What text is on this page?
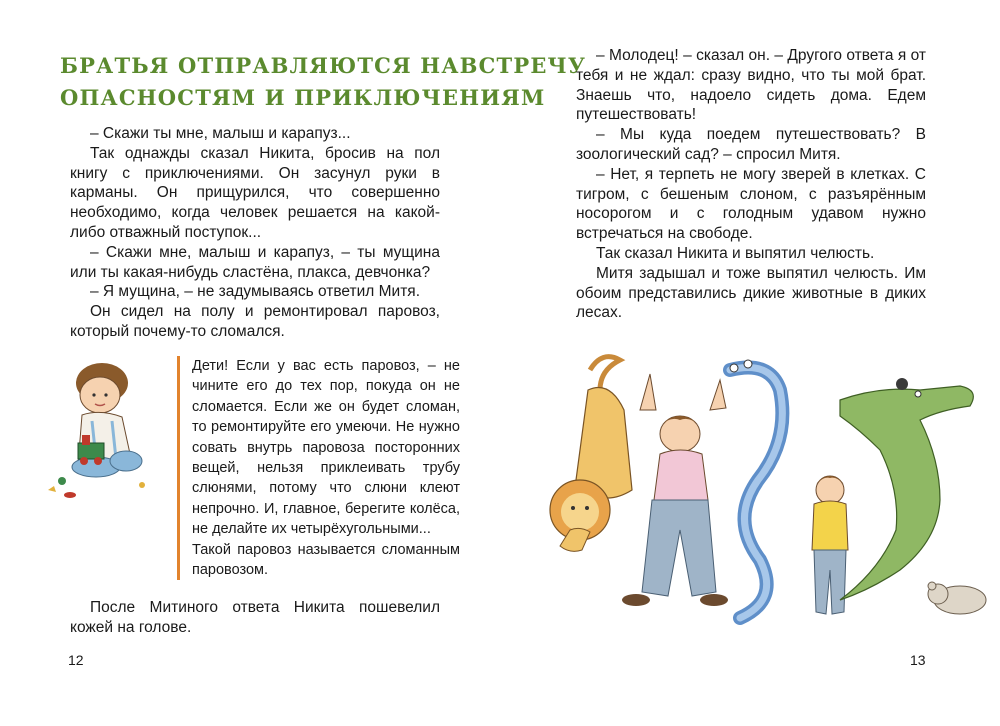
БРАТЬЯ ОТПРАВЛЯЮТСЯ НАВСТРЕЧУ
ОПАСНОСТЯМ И ПРИКЛЮЧЕНИЯМ

– Скажи ты мне, малыш и карапуз...

Так однажды сказал Никита, бросив на пол книгу с приключениями. Он засунул руки в карманы. Он прищурился, что совершенно необходимо, когда человек решается на какой-либо отважный поступок...

– Скажи мне, малыш и карапуз, – ты мущина или ты какая-нибудь сластёна, плакса, девчонка?

– Я мущина, – не задумываясь ответил Митя.

Он сидел на полу и ремонтировал паровоз, который почему-то сломался.

Дети! Если у вас есть паровоз, – не чините его до тех пор, покуда он не сломается. Если же он будет сломан, то ремонтируйте его умеючи. Не нужно совать внутрь паровоза посторонних вещей, нельзя приклеивать трубу слюнями, потому что слюни клеют непрочно. И, главное, берегите колёса, не делайте их четырёхугольными...

Такой паровоз называется сломанным паровозом.

После Митиного ответа Никита пошевелил кожей на голове.

12

– Молодец! – сказал он. – Другого ответа я от тебя и не ждал: сразу видно, что ты мой брат. Знаешь что, надоело сидеть дома. Едем путешествовать!

– Мы куда поедем путешествовать? В зоологический сад? – спросил Митя.

– Нет, я терпеть не могу зверей в клетках. С тигром, с бешеным слоном, с разъярённым носорогом и с голодным удавом нужно встречаться на свободе.

Так сказал Никита и выпятил челюсть.

Митя задышал и тоже выпятил челюсть. Им обоим представились дикие животные в диких лесах.

13
